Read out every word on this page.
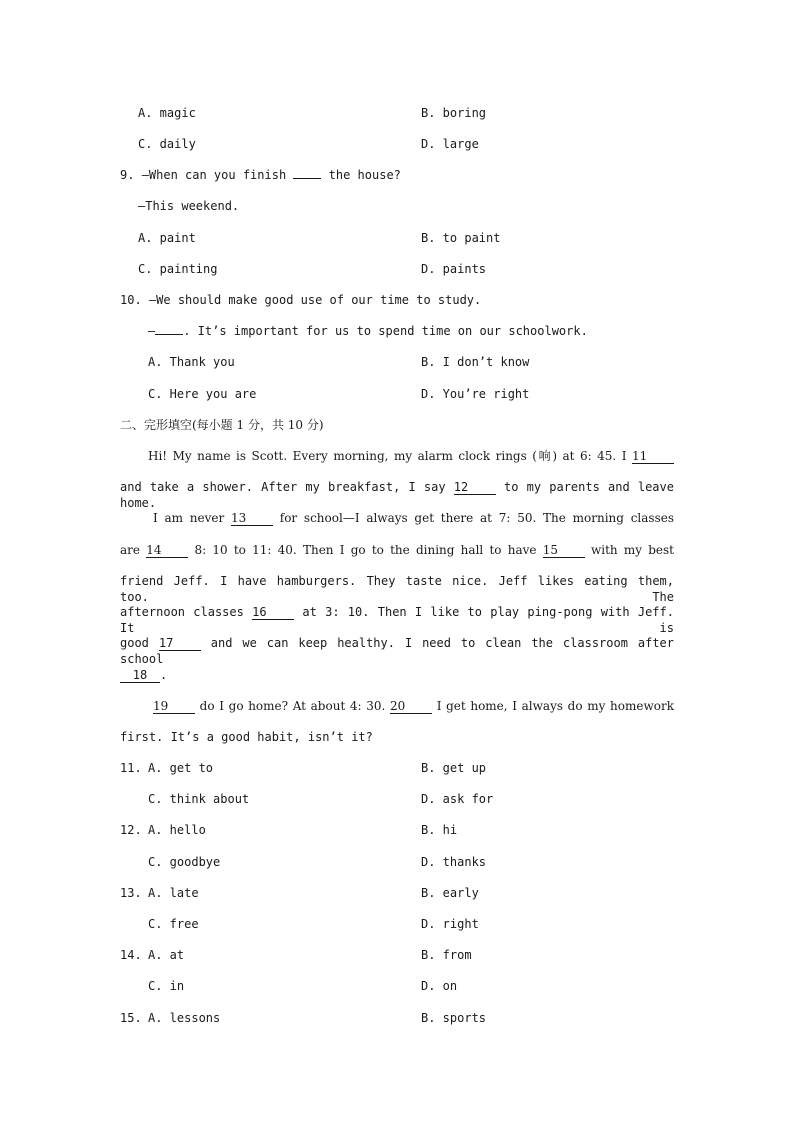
A. magic	B. boring
C. daily	D. large
9. —When can you finish	the house?
—This weekend.
A. paint	B. to paint
C. painting	D. paints
10. —We should make good use of our time to study.
— . It’s important for us to spend time on our schoolwork.
A. Thank you	B. I don’t know
C. Here you are	D. You’re right
二、完形填空(每小题 1 分，共 10 分)
Hi! My name is Scott. Every morning, my alarm clock rings (响) at 6: 45. I 11
and take a shower. After my breakfast, I say 12	to my parents and leave home.
I am never 13	for school—I always get there at 7: 50. The morning classes
are 14	8: 10 to 11: 40. Then I go to the dining hall to have 15	with my best
friend Jeff. I have hamburgers. They taste nice. Jeff likes eating them, too. The
afternoon classes 16	at 3: 10. Then I like to play ping-pong with Jeff. It is
good 17	and we can keep healthy. I need to clean the classroom after school
18 .
19	do I go home? At about 4: 30. 20	I get home, I always do my homework
first. It’s a good habit, isn’t it?
11. A. get to	B. get up
C. think about	D. ask for
12. A. hello	B. hi
C. goodbye	D. thanks
13. A. late	B. early
C. free	D. right
14. A. at	B. from
C. in	D. on
15. A. lessons	B. sports
